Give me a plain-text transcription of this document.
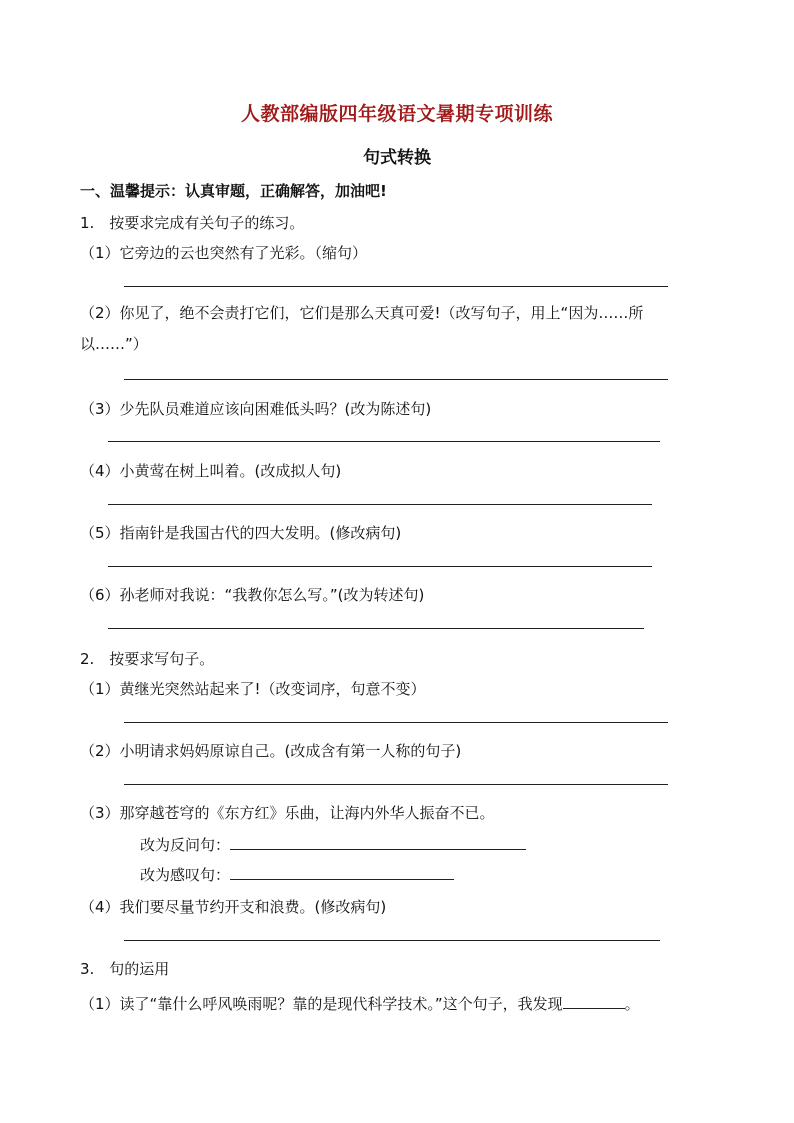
人教部编版四年级语文暑期专项训练
句式转换
一、温馨提示：认真审题，正确解答，加油吧!
1.　按要求完成有关句子的练习。
（1）它旁边的云也突然有了光彩。（缩句）
（2）你见了，绝不会责打它们，它们是那么天真可爱!（改写句子，用上“因为……所
以……”）
（3）少先队员难道应该向困难低头吗？(改为陈述句)
（4）小黄莺在树上叫着。(改成拟人句)
（5）指南针是我国古代的四大发明。(修改病句)
（6）孙老师对我说：“我教你怎么写。”(改为转述句)
2.　按要求写句子。
（1）黄继光突然站起来了!（改变词序，句意不变）
（2）小明请求妈妈原谅自己。(改成含有第一人称的句子)
（3）那穿越苍穹的《东方红》乐曲，让海内外华人振奋不已。
改为反问句：
改为感叹句：
（4）我们要尽量节约开支和浪费。(修改病句)
3.　句的运用
（1）读了“靠什么呼风唤雨呢？靠的是现代科学技术。”这个句子，我发现	。
